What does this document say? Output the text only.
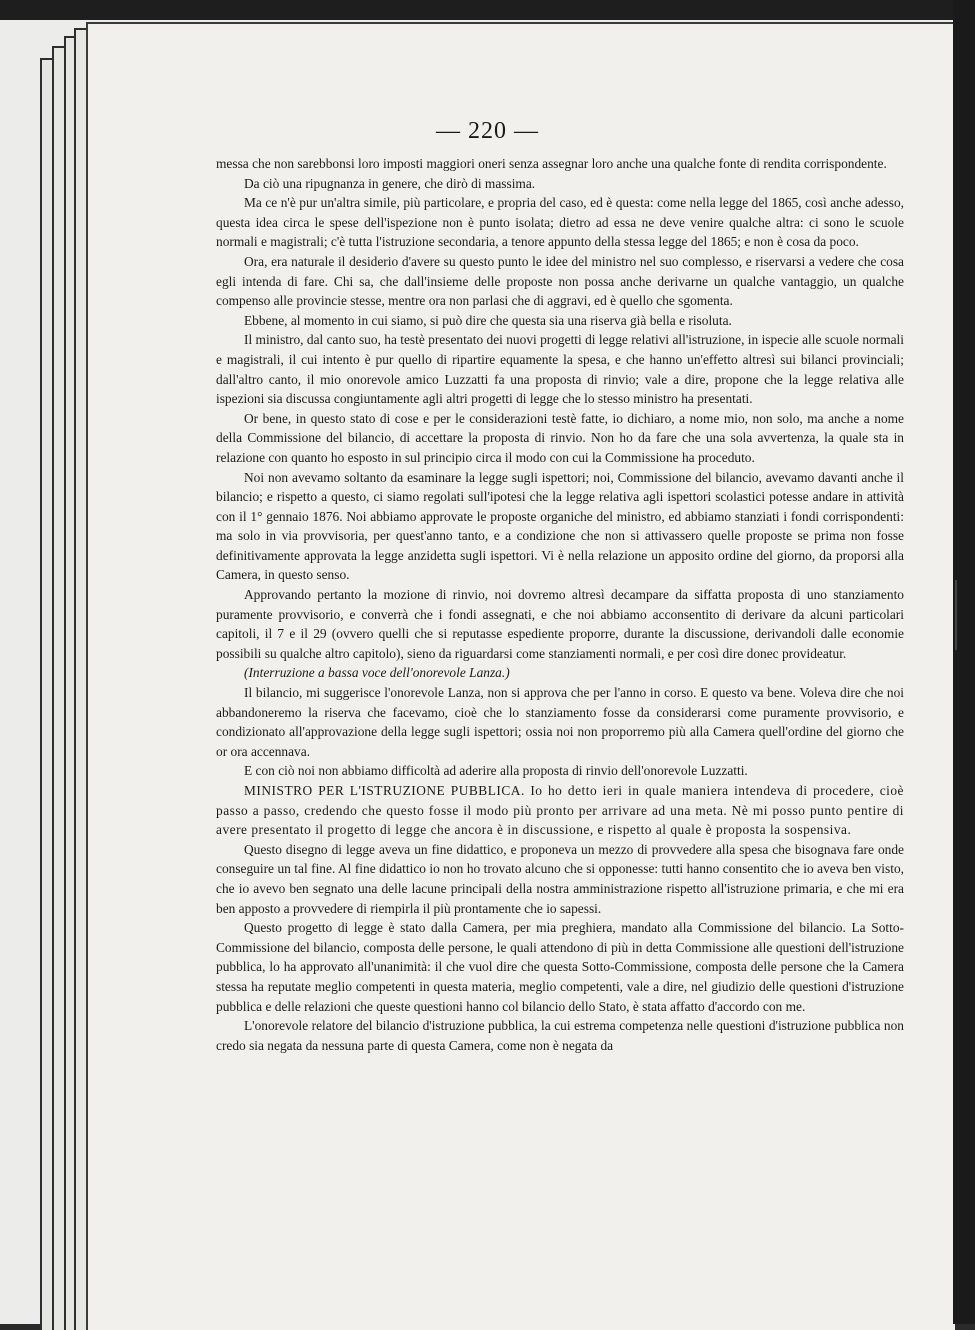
— 220 —

messa che non sarebbonsi loro imposti maggiori oneri senza assegnar loro anche una qualche fonte di rendita corrispondente.

Da ciò una ripugnanza in genere, che dirò di massima.

Ma ce n'è pur un'altra simile, più particolare, e propria del caso, ed è questa: come nella legge del 1865, così anche adesso, questa idea circa le spese dell'ispezione non è punto isolata; dietro ad essa ne deve venire qualche altra: ci sono le scuole normali e magistrali; c'è tutta l'istruzione secondaria, a tenore appunto della stessa legge del 1865; e non è cosa da poco.

Ora, era naturale il desiderio d'avere su questo punto le idee del ministro nel suo complesso, e riservarsi a vedere che cosa egli intenda di fare. Chi sa, che dall'insieme delle proposte non possa anche derivarne un qualche vantaggio, un qualche compenso alle provincie stesse, mentre ora non parlasi che di aggravi, ed è quello che sgomenta.

Ebbene, al momento in cui siamo, si può dire che questa sia una riserva già bella e risoluta.

Il ministro, dal canto suo, ha testè presentato dei nuovi progetti di legge relativi all'istruzione, in ispecie alle scuole normali e magistrali, il cui intento è pur quello di ripartire equamente la spesa, e che hanno un'effetto altresì sui bilanci provinciali; dall'altro canto, il mio onorevole amico Luzzatti fa una proposta di rinvio; vale a dire, propone che la legge relativa alle ispezioni sia discussa congiuntamente agli altri progetti di legge che lo stesso ministro ha presentati.

Or bene, in questo stato di cose e per le considerazioni testè fatte, io dichiaro, a nome mio, non solo, ma anche a nome della Commissione del bilancio, di accettare la proposta di rinvio. Non ho da fare che una sola avvertenza, la quale sta in relazione con quanto ho esposto in sul principio circa il modo con cui la Commissione ha proceduto.

Noi non avevamo soltanto da esaminare la legge sugli ispettori; noi, Commissione del bilancio, avevamo davanti anche il bilancio; e rispetto a questo, ci siamo regolati sull'ipotesi che la legge relativa agli ispettori scolastici potesse andare in attività con il 1° gennaio 1876. Noi abbiamo approvate le proposte organiche del ministro, ed abbiamo stanziati i fondi corrispondenti: ma solo in via provvisoria, per quest'anno tanto, e a condizione che non si attivassero quelle proposte se prima non fosse definitivamente approvata la legge anzidetta sugli ispettori. Vi è nella relazione un apposito ordine del giorno, da proporsi alla Camera, in questo senso.

Approvando pertanto la mozione di rinvio, noi dovremo altresì decampare da siffatta proposta di uno stanziamento puramente provvisorio, e converrà che i fondi assegnati, e che noi abbiamo acconsentito di derivare da alcuni particolari capitoli, il 7 e il 29 (ovvero quelli che si reputasse espediente proporre, durante la discussione, derivandoli dalle economie possibili su qualche altro capitolo), sieno da riguardarsi come stanziamenti normali, e per così dire donec provideatur.

(Interruzione a bassa voce dell'onorevole Lanza.)

Il bilancio, mi suggerisce l'onorevole Lanza, non si approva che per l'anno in corso. E questo va bene. Voleva dire che noi abbandoneremo la riserva che facevamo, cioè che lo stanziamento fosse da considerarsi come puramente provvisorio, e condizionato all'approvazione della legge sugli ispettori; ossia noi non proporremo più alla Camera quell'ordine del giorno che or ora accennava.

E con ciò noi non abbiamo difficoltà ad aderire alla proposta di rinvio dell'onorevole Luzzatti.

MINISTRO PER L'ISTRUZIONE PUBBLICA. Io ho detto ieri in quale maniera intendeva di procedere, cioè passo a passo, credendo che questo fosse il modo più pronto per arrivare ad una meta. Nè mi posso punto pentire di avere presentato il progetto di legge che ancora è in discussione, e rispetto al quale è proposta la sospensiva.

Questo disegno di legge aveva un fine didattico, e proponeva un mezzo di provvedere alla spesa che bisognava fare onde conseguire un tal fine. Al fine didattico io non ho trovato alcuno che si opponesse: tutti hanno consentito che io aveva ben visto, che io avevo ben segnato una delle lacune principali della nostra amministrazione rispetto all'istruzione primaria, e che mi era ben apposto a provvedere di riempirla il più prontamente che io sapessi.

Questo progetto di legge è stato dalla Camera, per mia preghiera, mandato alla Commissione del bilancio. La Sotto-Commissione del bilancio, composta delle persone, le quali attendono di più in detta Commissione alle questioni dell'istruzione pubblica, lo ha approvato all'unanimità: il che vuol dire che questa Sotto-Commissione, composta delle persone che la Camera stessa ha reputate meglio competenti in questa materia, meglio competenti, vale a dire, nel giudizio delle questioni d'istruzione pubblica e delle relazioni che queste questioni hanno col bilancio dello Stato, è stata affatto d'accordo con me.

L'onorevole relatore del bilancio d'istruzione pubblica, la cui estrema competenza nelle questioni d'istruzione pubblica non credo sia negata da nessuna parte di questa Camera, come non è negata da
